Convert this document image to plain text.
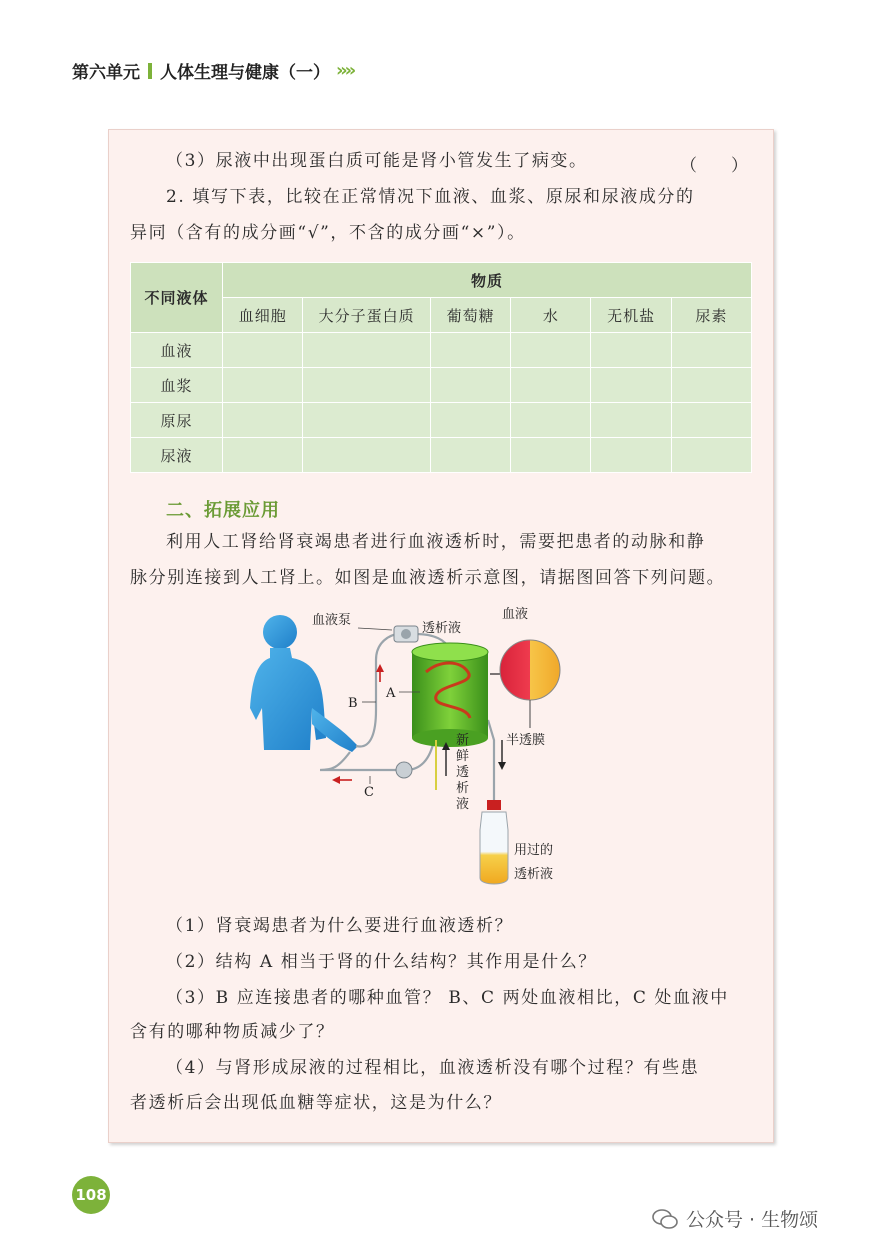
第六单元 人体生理与健康（一） »»
（3）尿液中出现蛋白质可能是肾小管发生了病变。	（　　）
2. 填写下表，比较在正常情况下血液、血浆、原尿和尿液成分的
异同（含有的成分画“√”，不含的成分画“×”）。
不同液体	物质					
	血细胞	大分子蛋白质	葡萄糖	水	无机盐	尿素
血液						
血浆						
原尿						
尿液						
二、拓展应用
利用人工肾给肾衰竭患者进行血液透析时，需要把患者的动脉和静
脉分别连接到人工肾上。如图是血液透析示意图，请据图回答下列问题。
血液泵
透析液
血液
A
B
C
半透膜
新
鲜
透
析
液
用过的
透析液
（1）肾衰竭患者为什么要进行血液透析？
（2）结构 A 相当于肾的什么结构？其作用是什么？
（3）B 应连接患者的哪种血管？ B、C 两处血液相比，C 处血液中
含有的哪种物质减少了？
（4）与肾形成尿液的过程相比，血液透析没有哪个过程？有些患
者透析后会出现低血糖等症状，这是为什么？
108
公众号 · 生物颂
